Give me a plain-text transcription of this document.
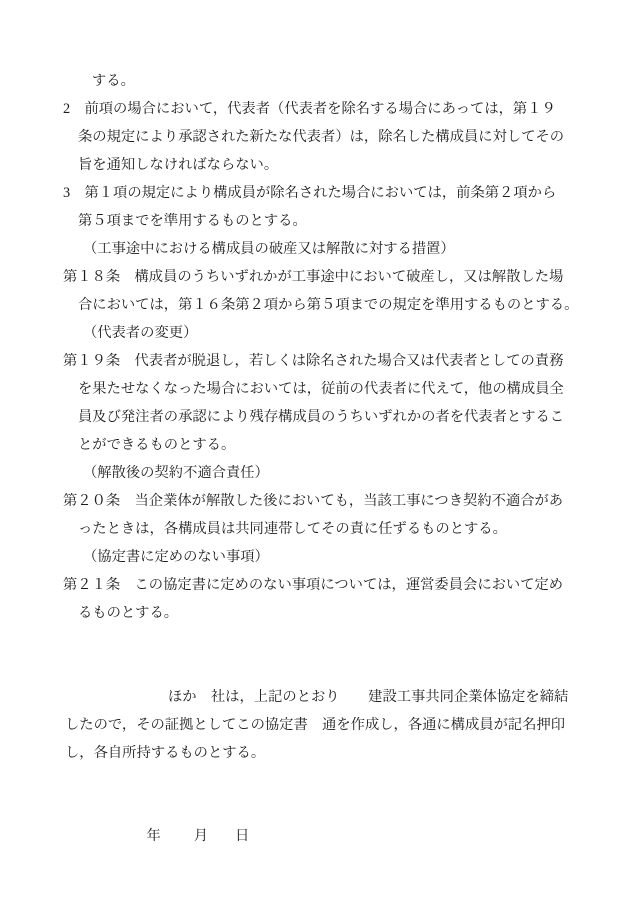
する。
2　前項の場合において，代表者（代表者を除名する場合にあっては，第１９
条の規定により承認された新たな代表者）は，除名した構成員に対してその
旨を通知しなければならない。
3　第１項の規定により構成員が除名された場合においては，前条第２項から
第５項までを準用するものとする。
（工事途中における構成員の破産又は解散に対する措置）
第１８条　構成員のうちいずれかが工事途中において破産し，又は解散した場
合においては，第１６条第２項から第５項までの規定を準用するものとする。
（代表者の変更）
第１９条　代表者が脱退し，若しくは除名された場合又は代表者としての責務
を果たせなくなった場合においては，従前の代表者に代えて，他の構成員全
員及び発注者の承認により残存構成員のうちいずれかの者を代表者とするこ
とができるものとする。
（解散後の契約不適合責任）
第２０条　当企業体が解散した後においても，当該工事につき契約不適合があ
ったときは，各構成員は共同連帯してその責に任ずるものとする。
（協定書に定めのない事項）
第２１条　この協定書に定めのない事項については，運営委員会において定め
るものとする。
ほか　社は，上記のとおり　　建設工事共同企業体協定を締結
したので，その証拠としてこの協定書　通を作成し，各通に構成員が記名押印
し，各自所持するものとする。

年 月 日
